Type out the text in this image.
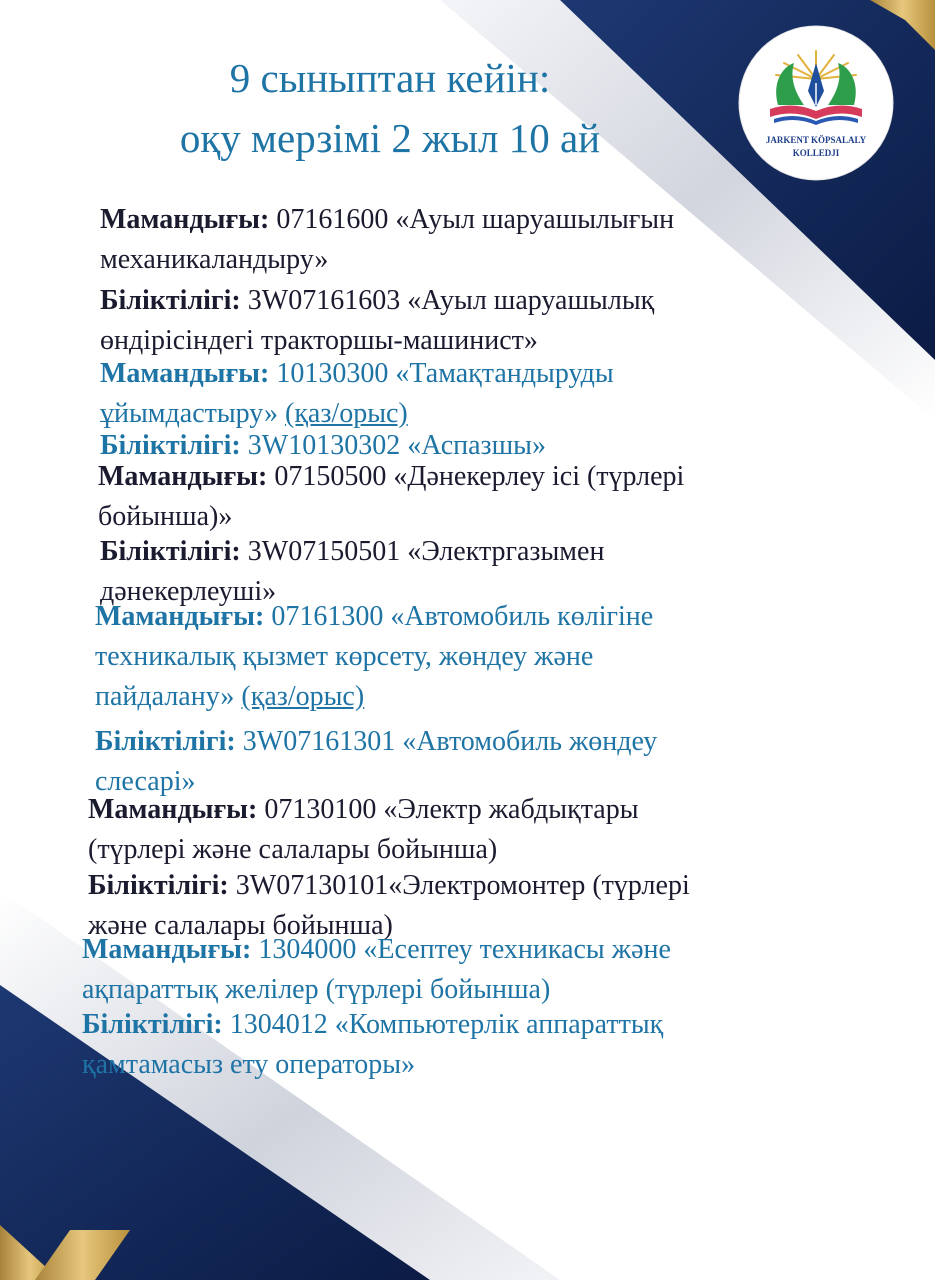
9 сыныптан кейін:
оқу мерзімі 2 жыл 10 ай	JARKENT KÖPSALALY
KOLLEDJI

Мамандығы: 07161600 «Ауыл шаруашылығын
механикаландыру»

Біліктілігі: 3W07161603 «Ауыл шаруашылық
өндірісіндегі тракторшы-машинист»

Мамандығы: 10130300 «Тамақтандыруды
ұйымдастыру» (қаз/орыс)

Біліктілігі: 3W10130302 «Аспазшы»

Мамандығы: 07150500 «Дәнекерлеу ісі (түрлері
бойынша)»

Біліктілігі: 3W07150501 «Электргазымен
дәнекерлеуші»

Мамандығы: 07161300 «Автомобиль көлігіне
техникалық қызмет көрсету, жөндеу және
пайдалану» (қаз/орыс)

Біліктілігі: 3W07161301 «Автомобиль жөндеу
слесарі»

Мамандығы: 07130100 «Электр жабдықтары
(түрлері және салалары бойынша)

Біліктілігі: 3W07130101«Электромонтер (түрлері
және салалары бойынша)

Мамандығы: 1304000 «Есептеу техникасы және
ақпараттық желілер (түрлері бойынша)

Біліктілігі: 1304012 «Компьютерлік аппараттық
қамтамасыз ету операторы»
